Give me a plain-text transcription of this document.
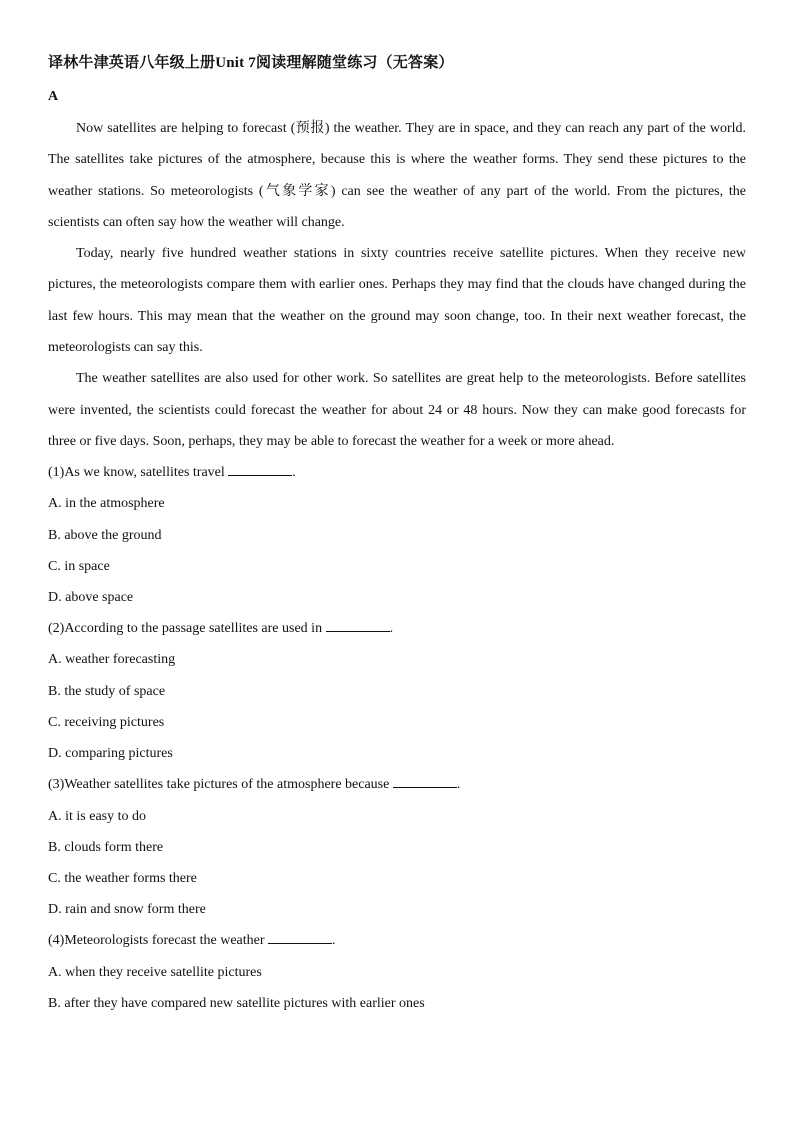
译林牛津英语八年级上册Unit 7阅读理解随堂练习（无答案）
A

Now satellites are helping to forecast (预报) the weather. They are in space, and they can reach any part of the world. The satellites take pictures of the atmosphere, because this is where the weather forms. They send these pictures to the weather stations. So meteorologists (气象学家) can see the weather of any part of the world. From the pictures, the scientists can often say how the weather will change.

Today, nearly five hundred weather stations in sixty countries receive satellite pictures. When they receive new pictures, the meteorologists compare them with earlier ones. Perhaps they may find that the clouds have changed during the last few hours. This may mean that the weather on the ground may soon change, too. In their next weather forecast, the meteorologists can say this.

The weather satellites are also used for other work. So satellites are great help to the meteorologists. Before satellites were invented, the scientists could forecast the weather for about 24 or 48 hours. Now they can make good forecasts for three or five days. Soon, perhaps, they may be able to forecast the weather for a week or more ahead.

(1)As we know, satellites travel	.
A. in the atmosphere
B. above the ground
C. in space
D. above space
(2)According to the passage satellites are used in	.
A. weather forecasting
B. the study of space
C. receiving pictures
D. comparing pictures
(3)Weather satellites take pictures of the atmosphere because	.
A. it is easy to do
B. clouds form there
C. the weather forms there
D. rain and snow form there
(4)Meteorologists forecast the weather	.
A. when they receive satellite pictures
B. after they have compared new satellite pictures with earlier ones
